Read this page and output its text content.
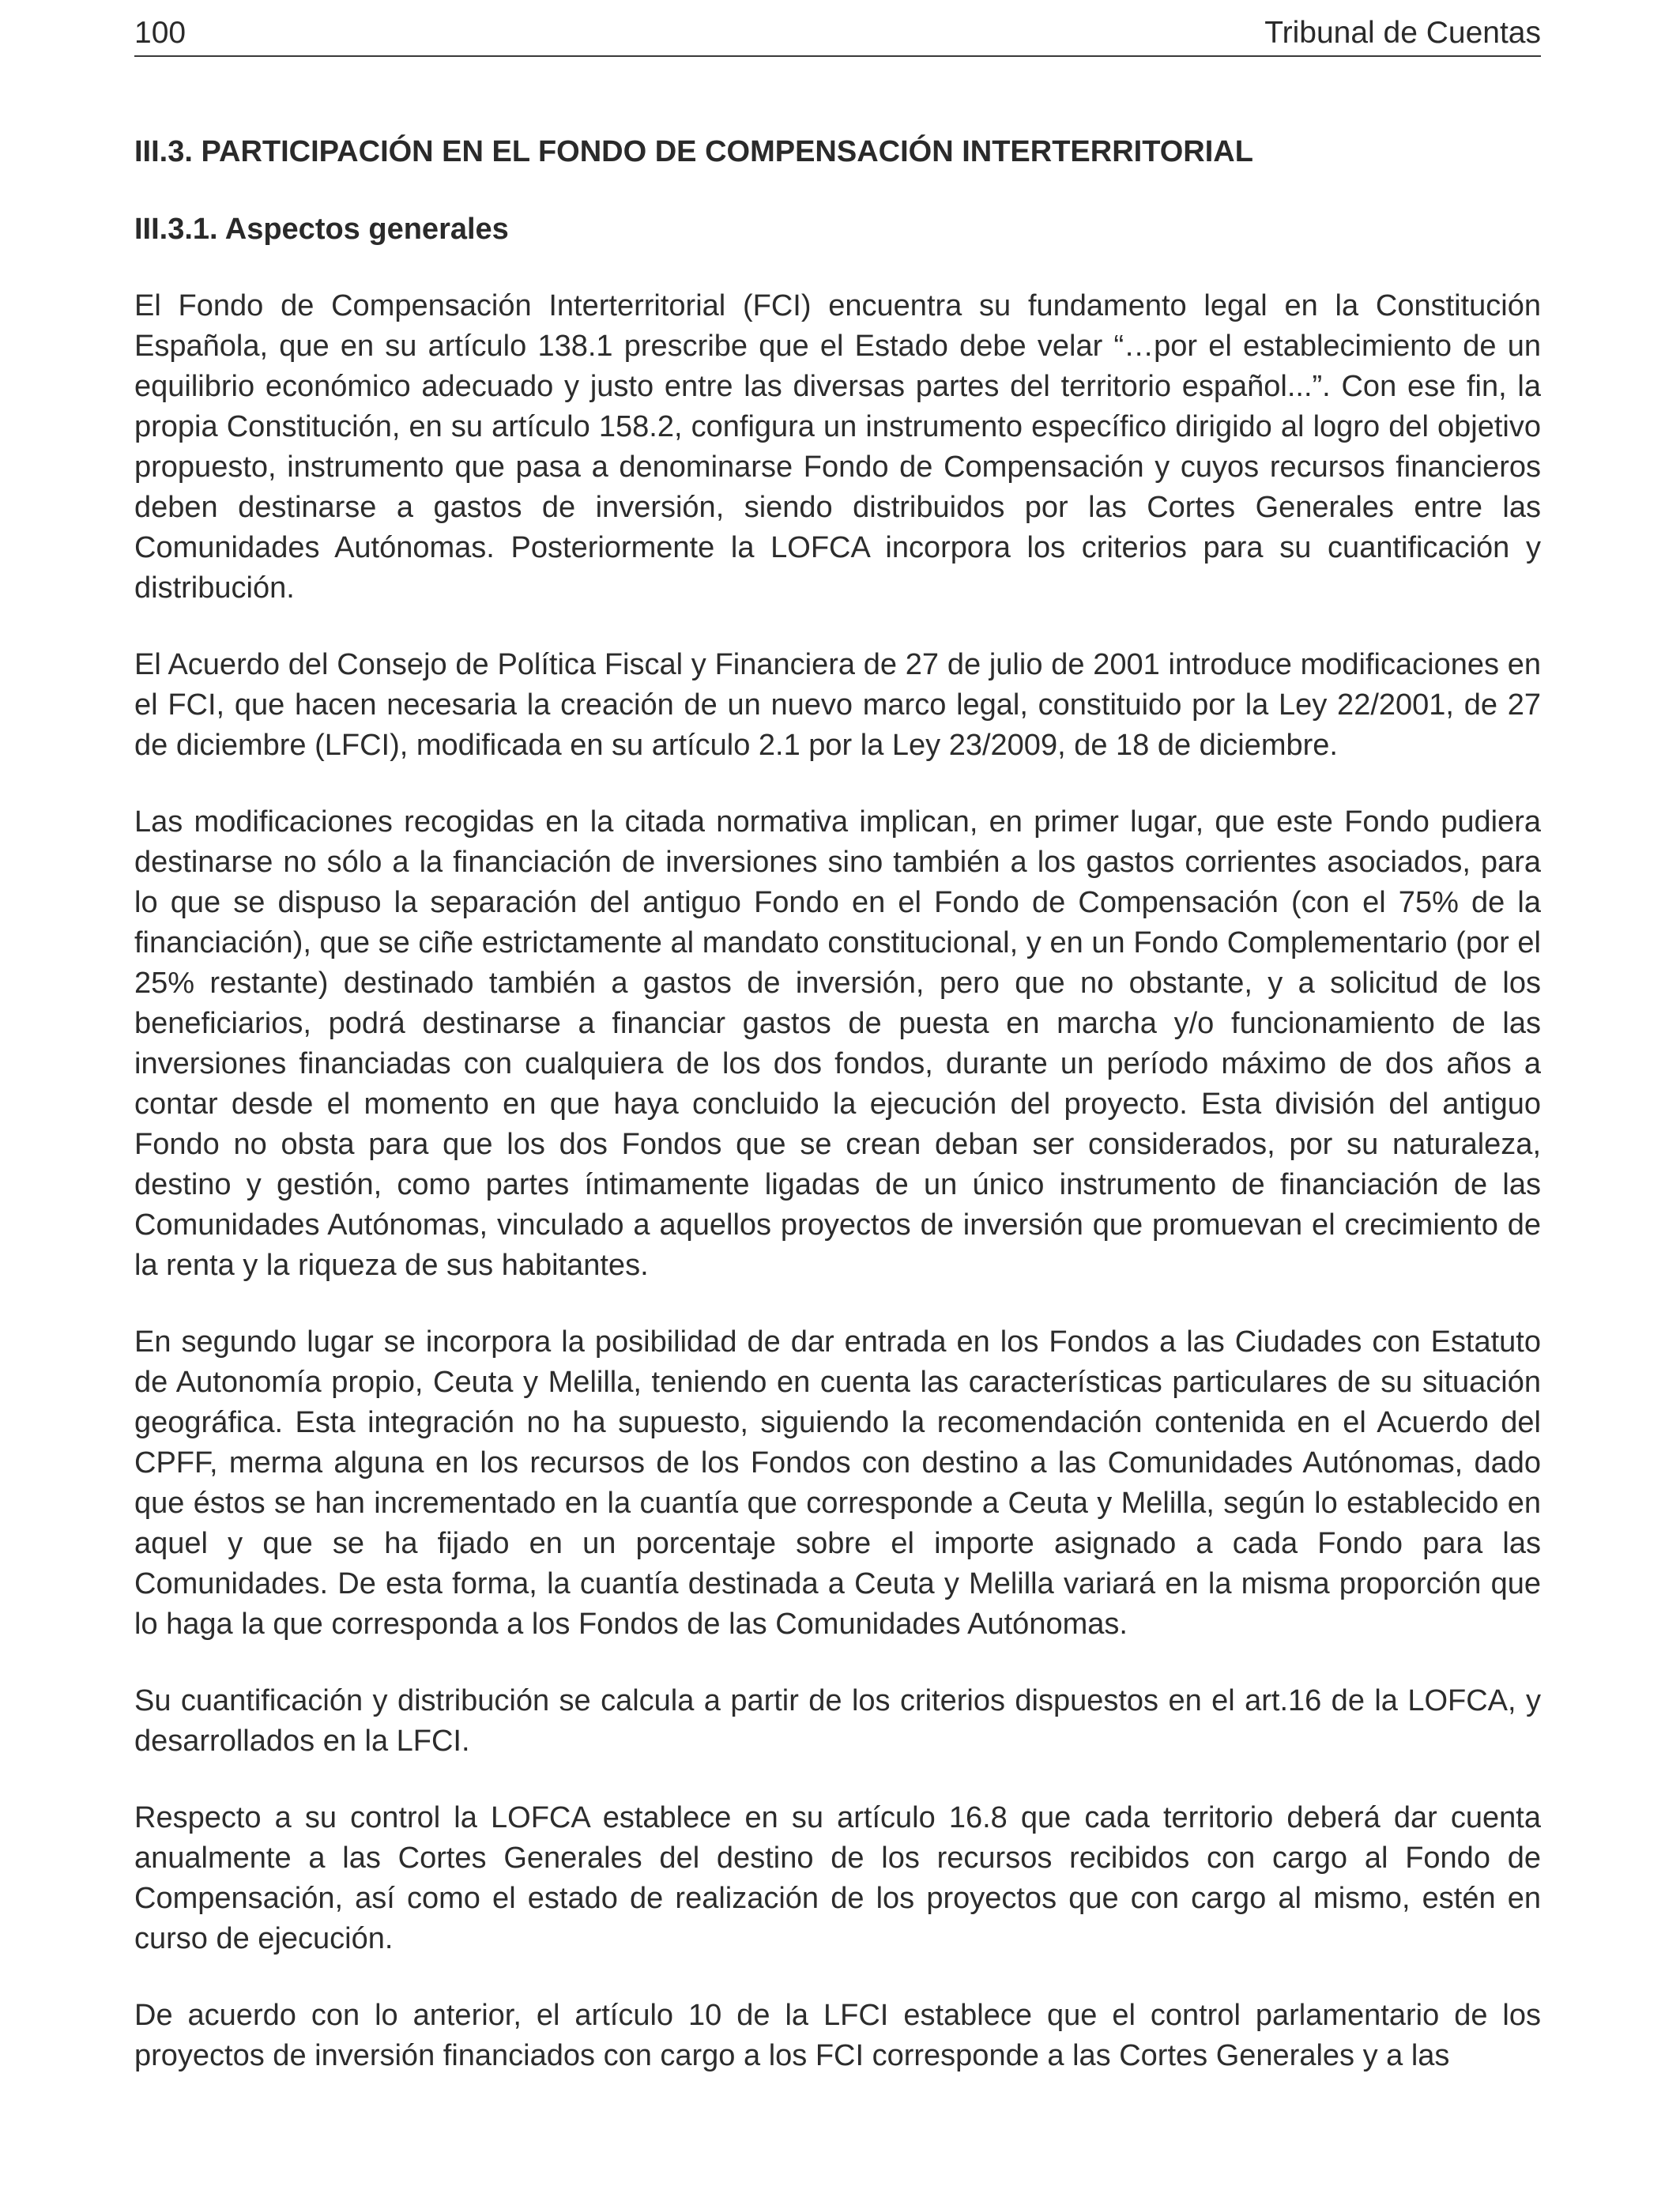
100	Tribunal de Cuentas
III.3. PARTICIPACIÓN EN EL FONDO DE COMPENSACIÓN INTERTERRITORIAL
III.3.1. Aspectos generales

El Fondo de Compensación Interterritorial (FCI) encuentra su fundamento legal en la Constitución Española, que en su artículo 138.1 prescribe que el Estado debe velar “…por el establecimiento de un equilibrio económico adecuado y justo entre las diversas partes del territorio español...”. Con ese fin, la propia Constitución, en su artículo 158.2, configura un instrumento específico dirigido al logro del objetivo propuesto, instrumento que pasa a denominarse Fondo de Compensación y cuyos recursos financieros deben destinarse a gastos de inversión, siendo distribuidos por las Cortes Generales entre las Comunidades Autónomas. Posteriormente la LOFCA incorpora los criterios para su cuantificación y distribución.

El Acuerdo del Consejo de Política Fiscal y Financiera de 27 de julio de 2001 introduce modificaciones en el FCI, que hacen necesaria la creación de un nuevo marco legal, constituido por la Ley 22/2001, de 27 de diciembre (LFCI), modificada en su artículo 2.1 por la Ley 23/2009, de 18 de diciembre.

Las modificaciones recogidas en la citada normativa implican, en primer lugar, que este Fondo pudiera destinarse no sólo a la financiación de inversiones sino también a los gastos corrientes asociados, para lo que se dispuso la separación del antiguo Fondo en el Fondo de Compensación (con el 75% de la financiación), que se ciñe estrictamente al mandato constitucional, y en un Fondo Complementario (por el 25% restante) destinado también a gastos de inversión, pero que no obstante, y a solicitud de los beneficiarios, podrá destinarse a financiar gastos de puesta en marcha y/o funcionamiento de las inversiones financiadas con cualquiera de los dos fondos, durante un período máximo de dos años a contar desde el momento en que haya concluido la ejecución del proyecto. Esta división del antiguo Fondo no obsta para que los dos Fondos que se crean deban ser considerados, por su naturaleza, destino y gestión, como partes íntimamente ligadas de un único instrumento de financiación de las Comunidades Autónomas, vinculado a aquellos proyectos de inversión que promuevan el crecimiento de la renta y la riqueza de sus habitantes.

En segundo lugar se incorpora la posibilidad de dar entrada en los Fondos a las Ciudades con Estatuto de Autonomía propio, Ceuta y Melilla, teniendo en cuenta las características particulares de su situación geográfica. Esta integración no ha supuesto, siguiendo la recomendación contenida en el Acuerdo del CPFF, merma alguna en los recursos de los Fondos con destino a las Comunidades Autónomas, dado que éstos se han incrementado en la cuantía que corresponde a Ceuta y Melilla, según lo establecido en aquel y que se ha fijado en un porcentaje sobre el importe asignado a cada Fondo para las Comunidades. De esta forma, la cuantía destinada a Ceuta y Melilla variará en la misma proporción que lo haga la que corresponda a los Fondos de las Comunidades Autónomas.

Su cuantificación y distribución se calcula a partir de los criterios dispuestos en el art.16 de la LOFCA, y desarrollados en la LFCI.

Respecto a su control la LOFCA establece en su artículo 16.8 que cada territorio deberá dar cuenta anualmente a las Cortes Generales del destino de los recursos recibidos con cargo al Fondo de Compensación, así como el estado de realización de los proyectos que con cargo al mismo, estén en curso de ejecución.

De acuerdo con lo anterior, el artículo 10 de la LFCI establece que el control parlamentario de los proyectos de inversión financiados con cargo a los FCI corresponde a las Cortes Generales y a las
